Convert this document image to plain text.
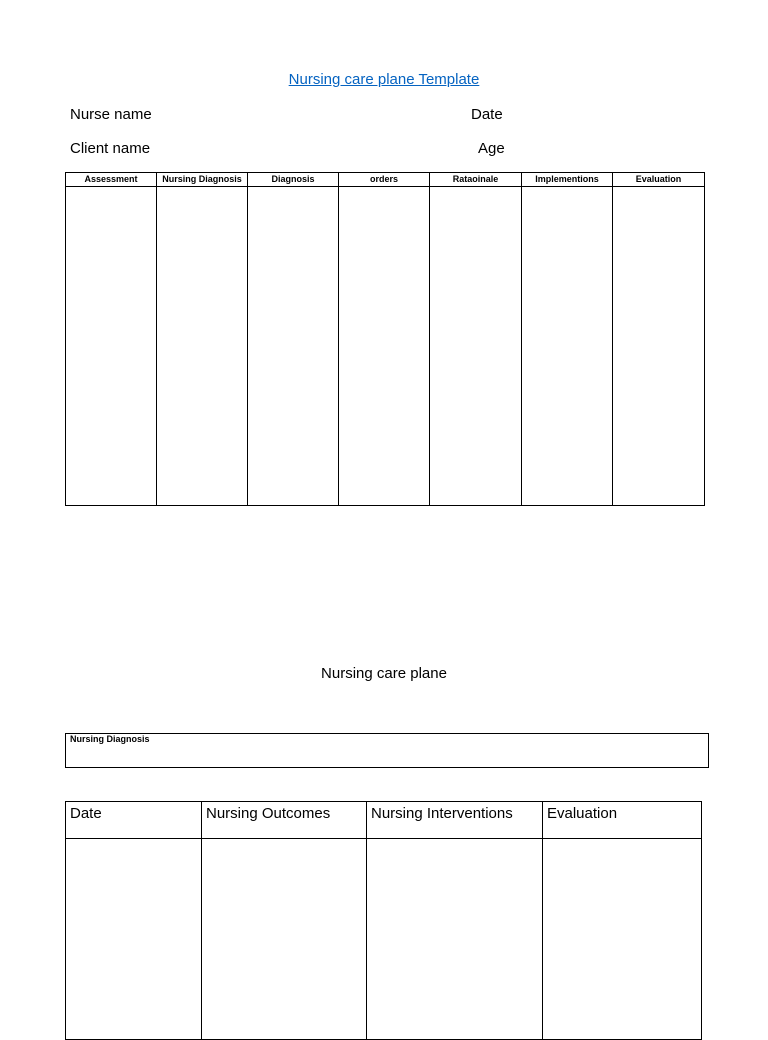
Nursing care plane Template
Nurse name	Date
Client name	Age
Assessment	Nursing Diagnosis	Diagnosis	orders	Rataoinale	Implementions	Evaluation

Nursing care plane
Nursing Diagnosis
Date	Nursing Outcomes	Nursing Interventions	Evaluation
